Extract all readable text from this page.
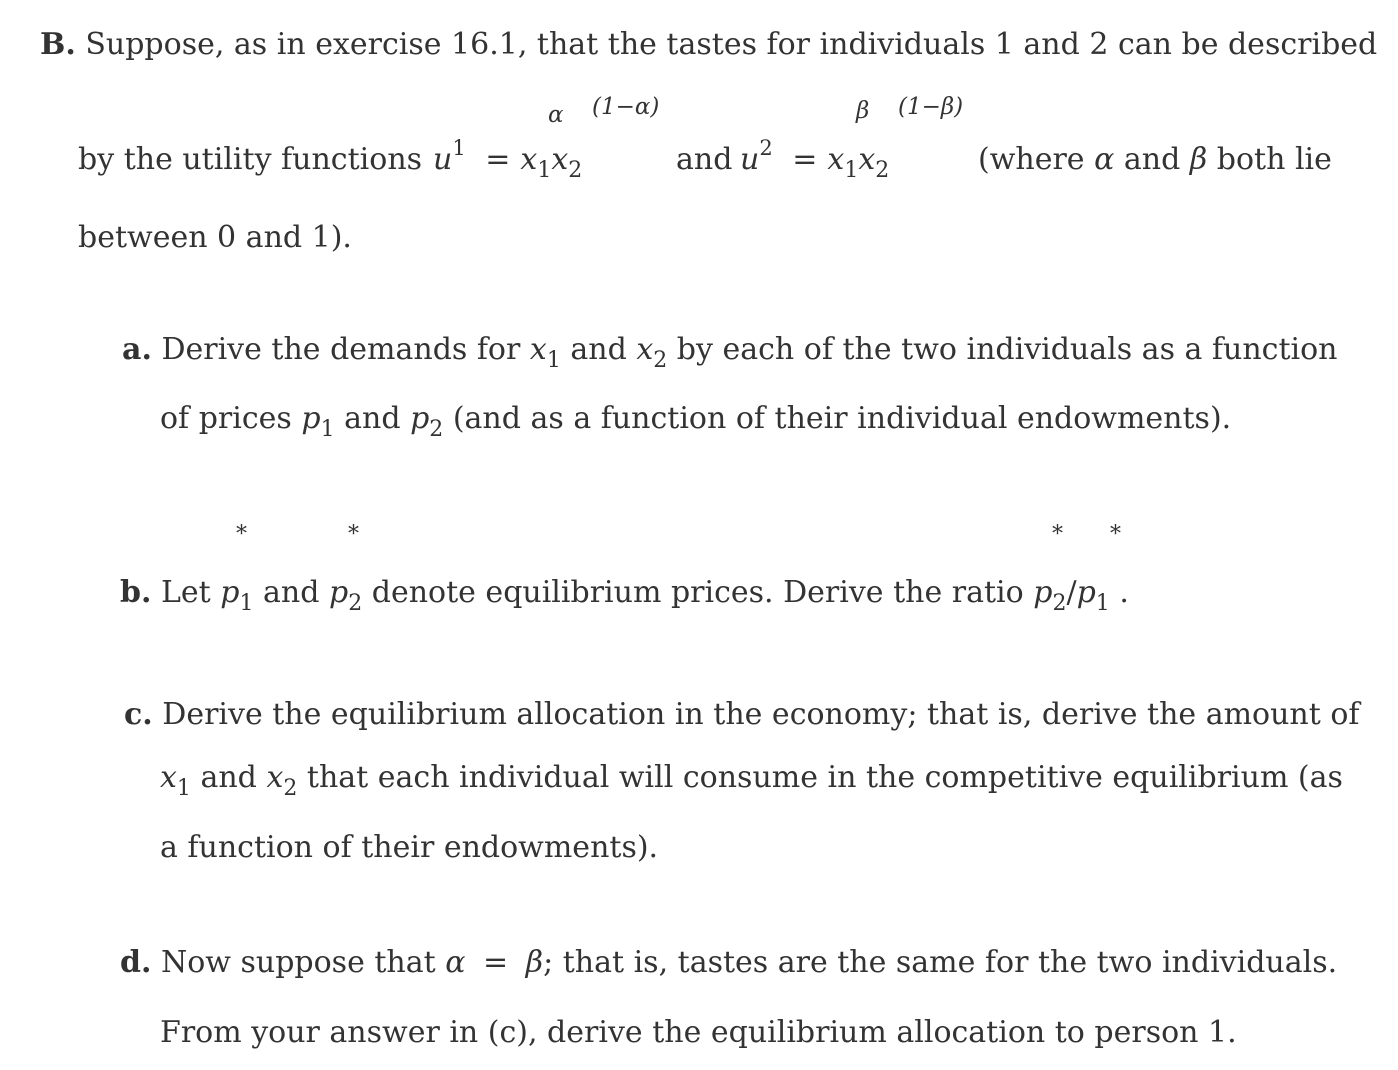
B. Suppose, as in exercise 16.1, that the tastes for individuals 1 and 2 can be described
α (1−α)	β (1−β)
by the utility functions $u^1 = x_1x_2$	and $u^2 = x_1x_2$	(where α and β both lie
between 0 and 1).
a. Derive the demands for $x_1$ and $x_2$ by each of the two individuals as a function
of prices $p_1$ and $p_2$ (and as a function of their individual endowments).
*	*	* *
b. Let $p_1$ and $p_2$ denote equilibrium prices. Derive the ratio $p_2/p_1$ .
c. Derive the equilibrium allocation in the economy; that is, derive the amount of
$x_1$ and $x_2$ that each individual will consume in the competitive equilibrium (as
a function of their endowments).
d. Now suppose that α = β; that is, tastes are the same for the two individuals.
From your answer in (c), derive the equilibrium allocation to person 1.
